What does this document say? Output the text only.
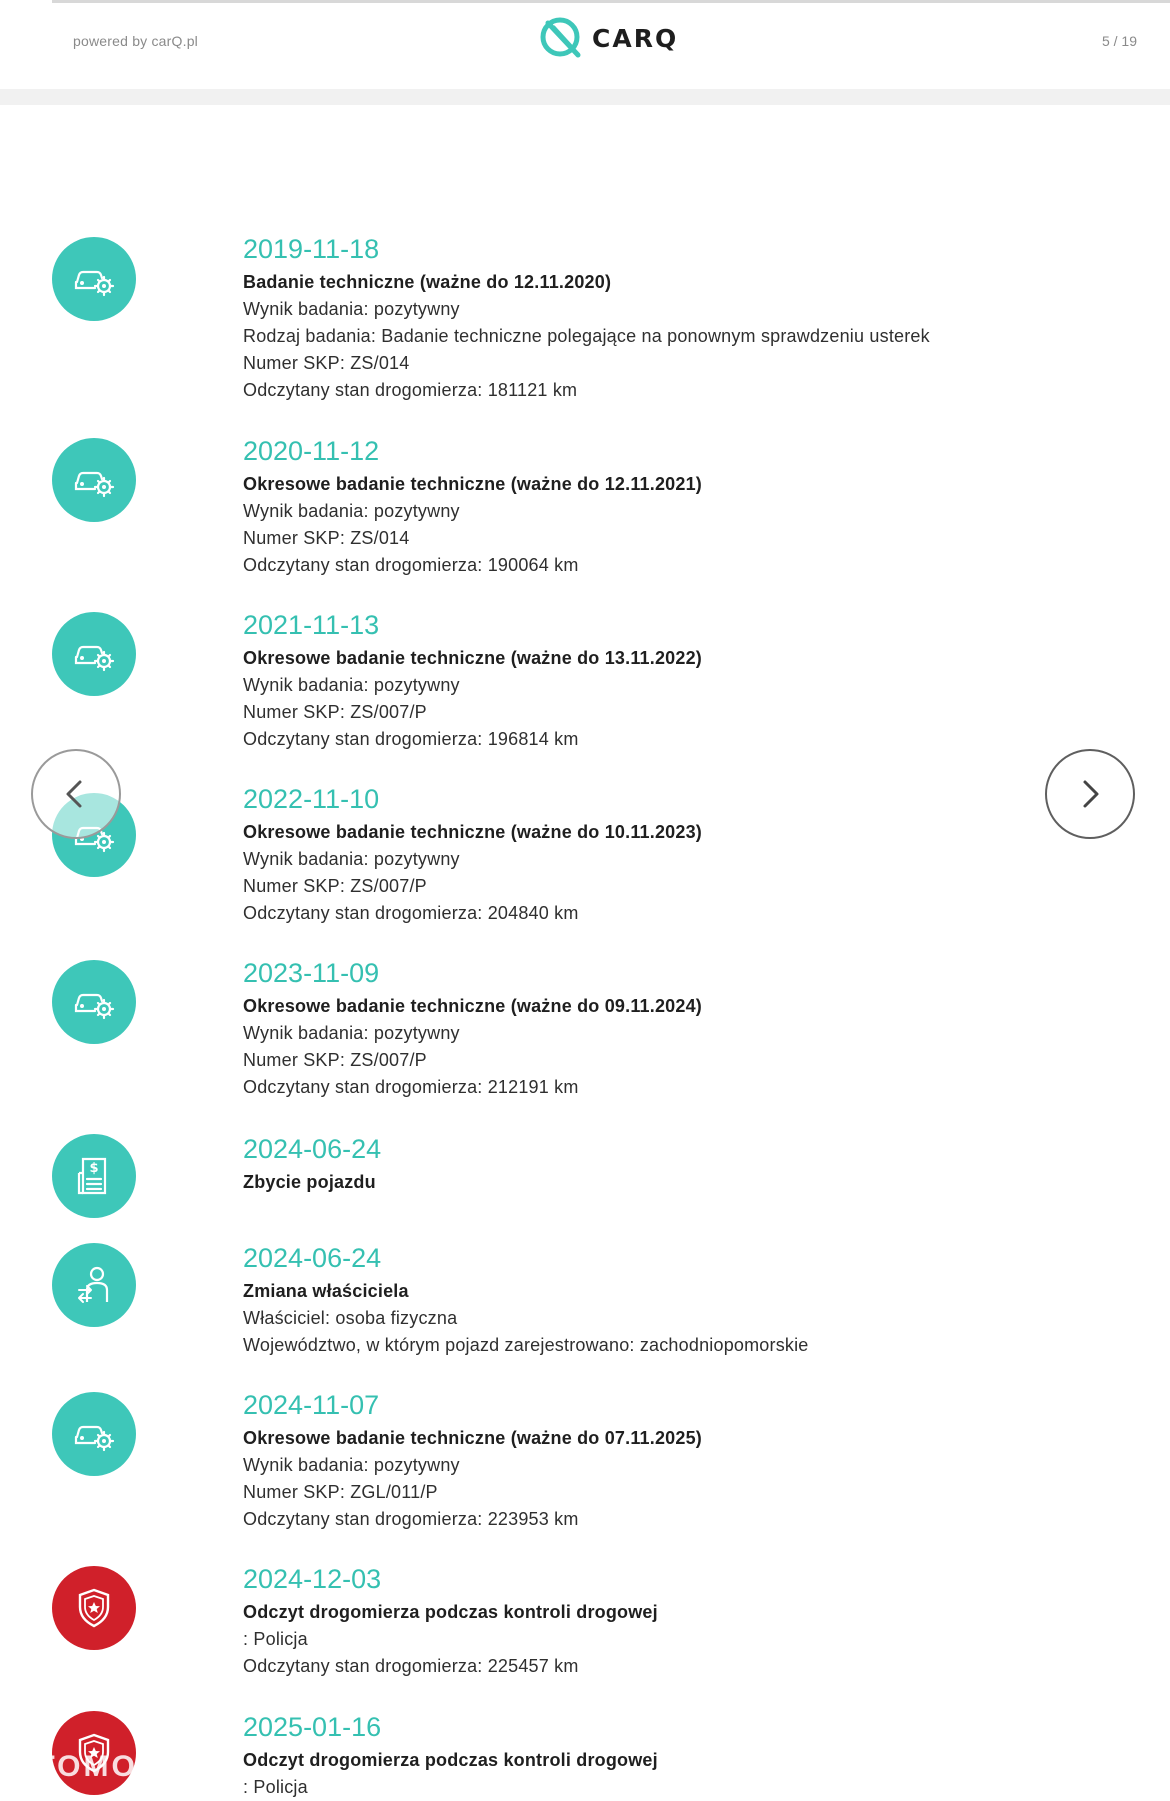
powered by carQ.pl	CARQ	5 / 19
2019-11-18
Badanie techniczne (ważne do 12.11.2020)
Wynik badania: pozytywny
Rodzaj badania: Badanie techniczne polegające na ponownym sprawdzeniu usterek
Numer SKP: ZS/014
Odczytany stan drogomierza: 181121 km
2020-11-12
Okresowe badanie techniczne (ważne do 12.11.2021)
Wynik badania: pozytywny
Numer SKP: ZS/014
Odczytany stan drogomierza: 190064 km
2021-11-13
Okresowe badanie techniczne (ważne do 13.11.2022)
Wynik badania: pozytywny
Numer SKP: ZS/007/P
Odczytany stan drogomierza: 196814 km
2022-11-10
Okresowe badanie techniczne (ważne do 10.11.2023)
Wynik badania: pozytywny
Numer SKP: ZS/007/P
Odczytany stan drogomierza: 204840 km
2023-11-09
Okresowe badanie techniczne (ważne do 09.11.2024)
Wynik badania: pozytywny
Numer SKP: ZS/007/P
Odczytany stan drogomierza: 212191 km
$
2024-06-24
Zbycie pojazdu
2024-06-24
Zmiana właściciela
Właściciel: osoba fizyczna
Województwo, w którym pojazd zarejestrowano: zachodniopomorskie
2024-11-07
Okresowe badanie techniczne (ważne do 07.11.2025)
Wynik badania: pozytywny
Numer SKP: ZGL/011/P
Odczytany stan drogomierza: 223953 km
2024-12-03
Odczyt drogomierza podczas kontroli drogowej
: Policja
Odczytany stan drogomierza: 225457 km
2025-01-16
Odczyt drogomierza podczas kontroli drogowej
: Policja
OTOMOTO
